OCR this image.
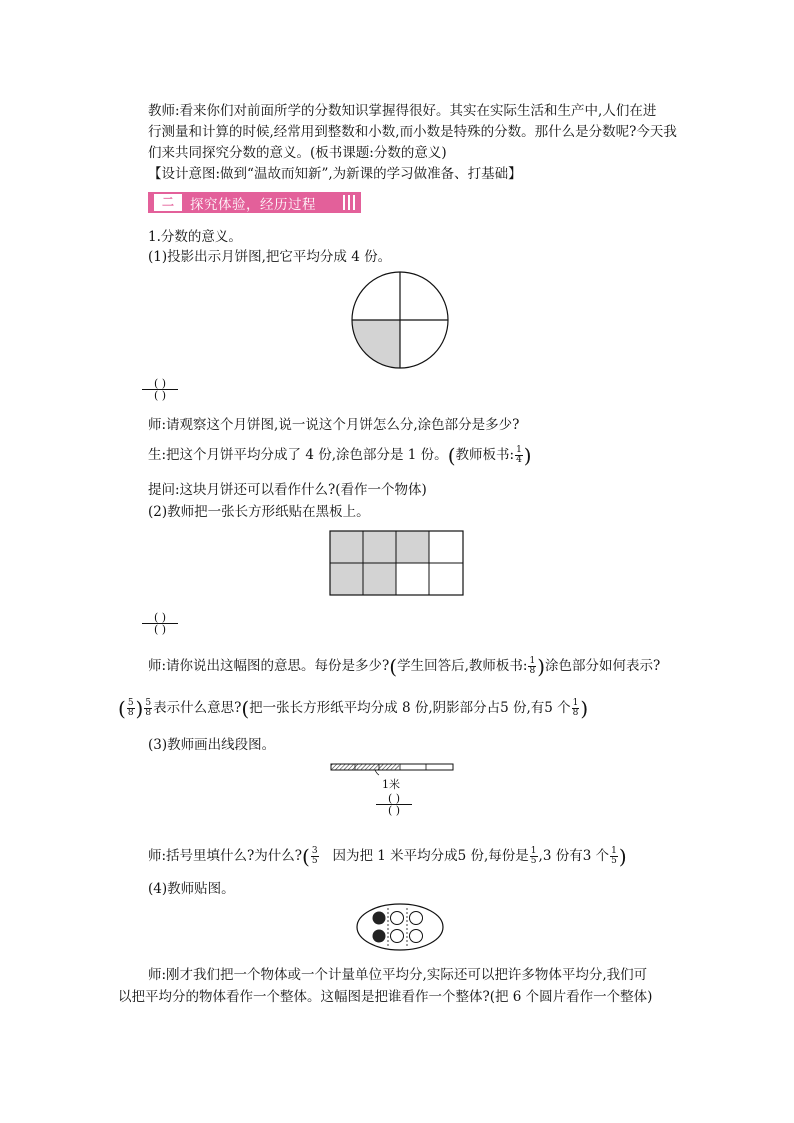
教师:看来你们对前面所学的分数知识掌握得很好。其实在实际生活和生产中,人们在进
行测量和计算的时候,经常用到整数和小数,而小数是特殊的分数。那什么是分数呢?今天我
们来共同探究分数的意义。(板书课题:分数的意义)
【设计意图:做到“温故而知新”,为新课的学习做准备、打基础】
二	探究体验，经历过程
1.分数的意义。
(1)投影出示月饼图,把它平均分成 4 份。
( )
( )
师:请观察这个月饼图,说一说这个月饼怎么分,涂色部分是多少?
生:把这个月饼平均分成了 4 份,涂色部分是 1 份。(教师板书: $\frac{1}{4}$ )
提问:这块月饼还可以看作什么?(看作一个物体)
(2)教师把一张长方形纸贴在黑板上。
( )
( )
师:请你说出这幅图的意思。每份是多少?(学生回答后,教师板书: $\frac{1}{8}$ )涂色部分如何表示?
( $\frac{5}{8}$ ) $\frac{5}{8}$ 表示什么意思?(把一张长方形纸平均分成 8 份,阴影部分占5 份,有5 个 $\frac{1}{8}$ )
(3)教师画出线段图。
1米
( )
( )
师:括号里填什么?为什么?( $\frac{3}{5}$ 因为把 1 米平均分成5 份,每份是 $\frac{1}{5} ,3$ 份有3 个 $\frac{1}{5}$ )
(4)教师贴图。
师:刚才我们把一个物体或一个计量单位平均分,实际还可以把许多物体平均分,我们可
以把平均分的物体看作一个整体。这幅图是把谁看作一个整体?(把 6 个圆片看作一个整体)
